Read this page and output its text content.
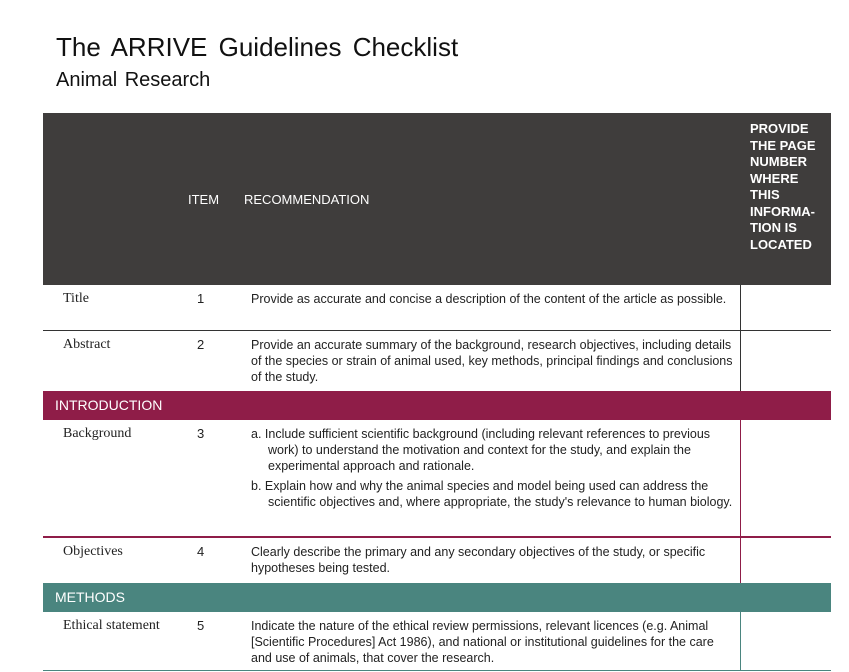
The ARRIVE Guidelines Checklist
Animal Research
ITEM RECOMMENDATION
PROVIDE THE PAGE NUMBER WHERE THIS INFORMA- TION IS LOCATED
Title	1	Provide as accurate and concise a description of the content of the article as possible.
Abstract	2	Provide an accurate summary of the background, research objectives, including details of the species or strain of animal used, key methods, principal findings and conclusions of the study.
INTRODUCTION
Background	3	a. Include sufficient scientific background (including relevant references to previous work) to understand the motivation and context for the study, and explain the experimental approach and rationale.
b. Explain how and why the animal species and model being used can address the scientific objectives and, where appropriate, the study's relevance to human biology.
Objectives	4	Clearly describe the primary and any secondary objectives of the study, or specific hypotheses being tested.
METHODS
Ethical statement	5	Indicate the nature of the ethical review permissions, relevant licences (e.g. Animal [Scientific Procedures] Act 1986), and national or institutional guidelines for the care and use of animals, that cover the research.
